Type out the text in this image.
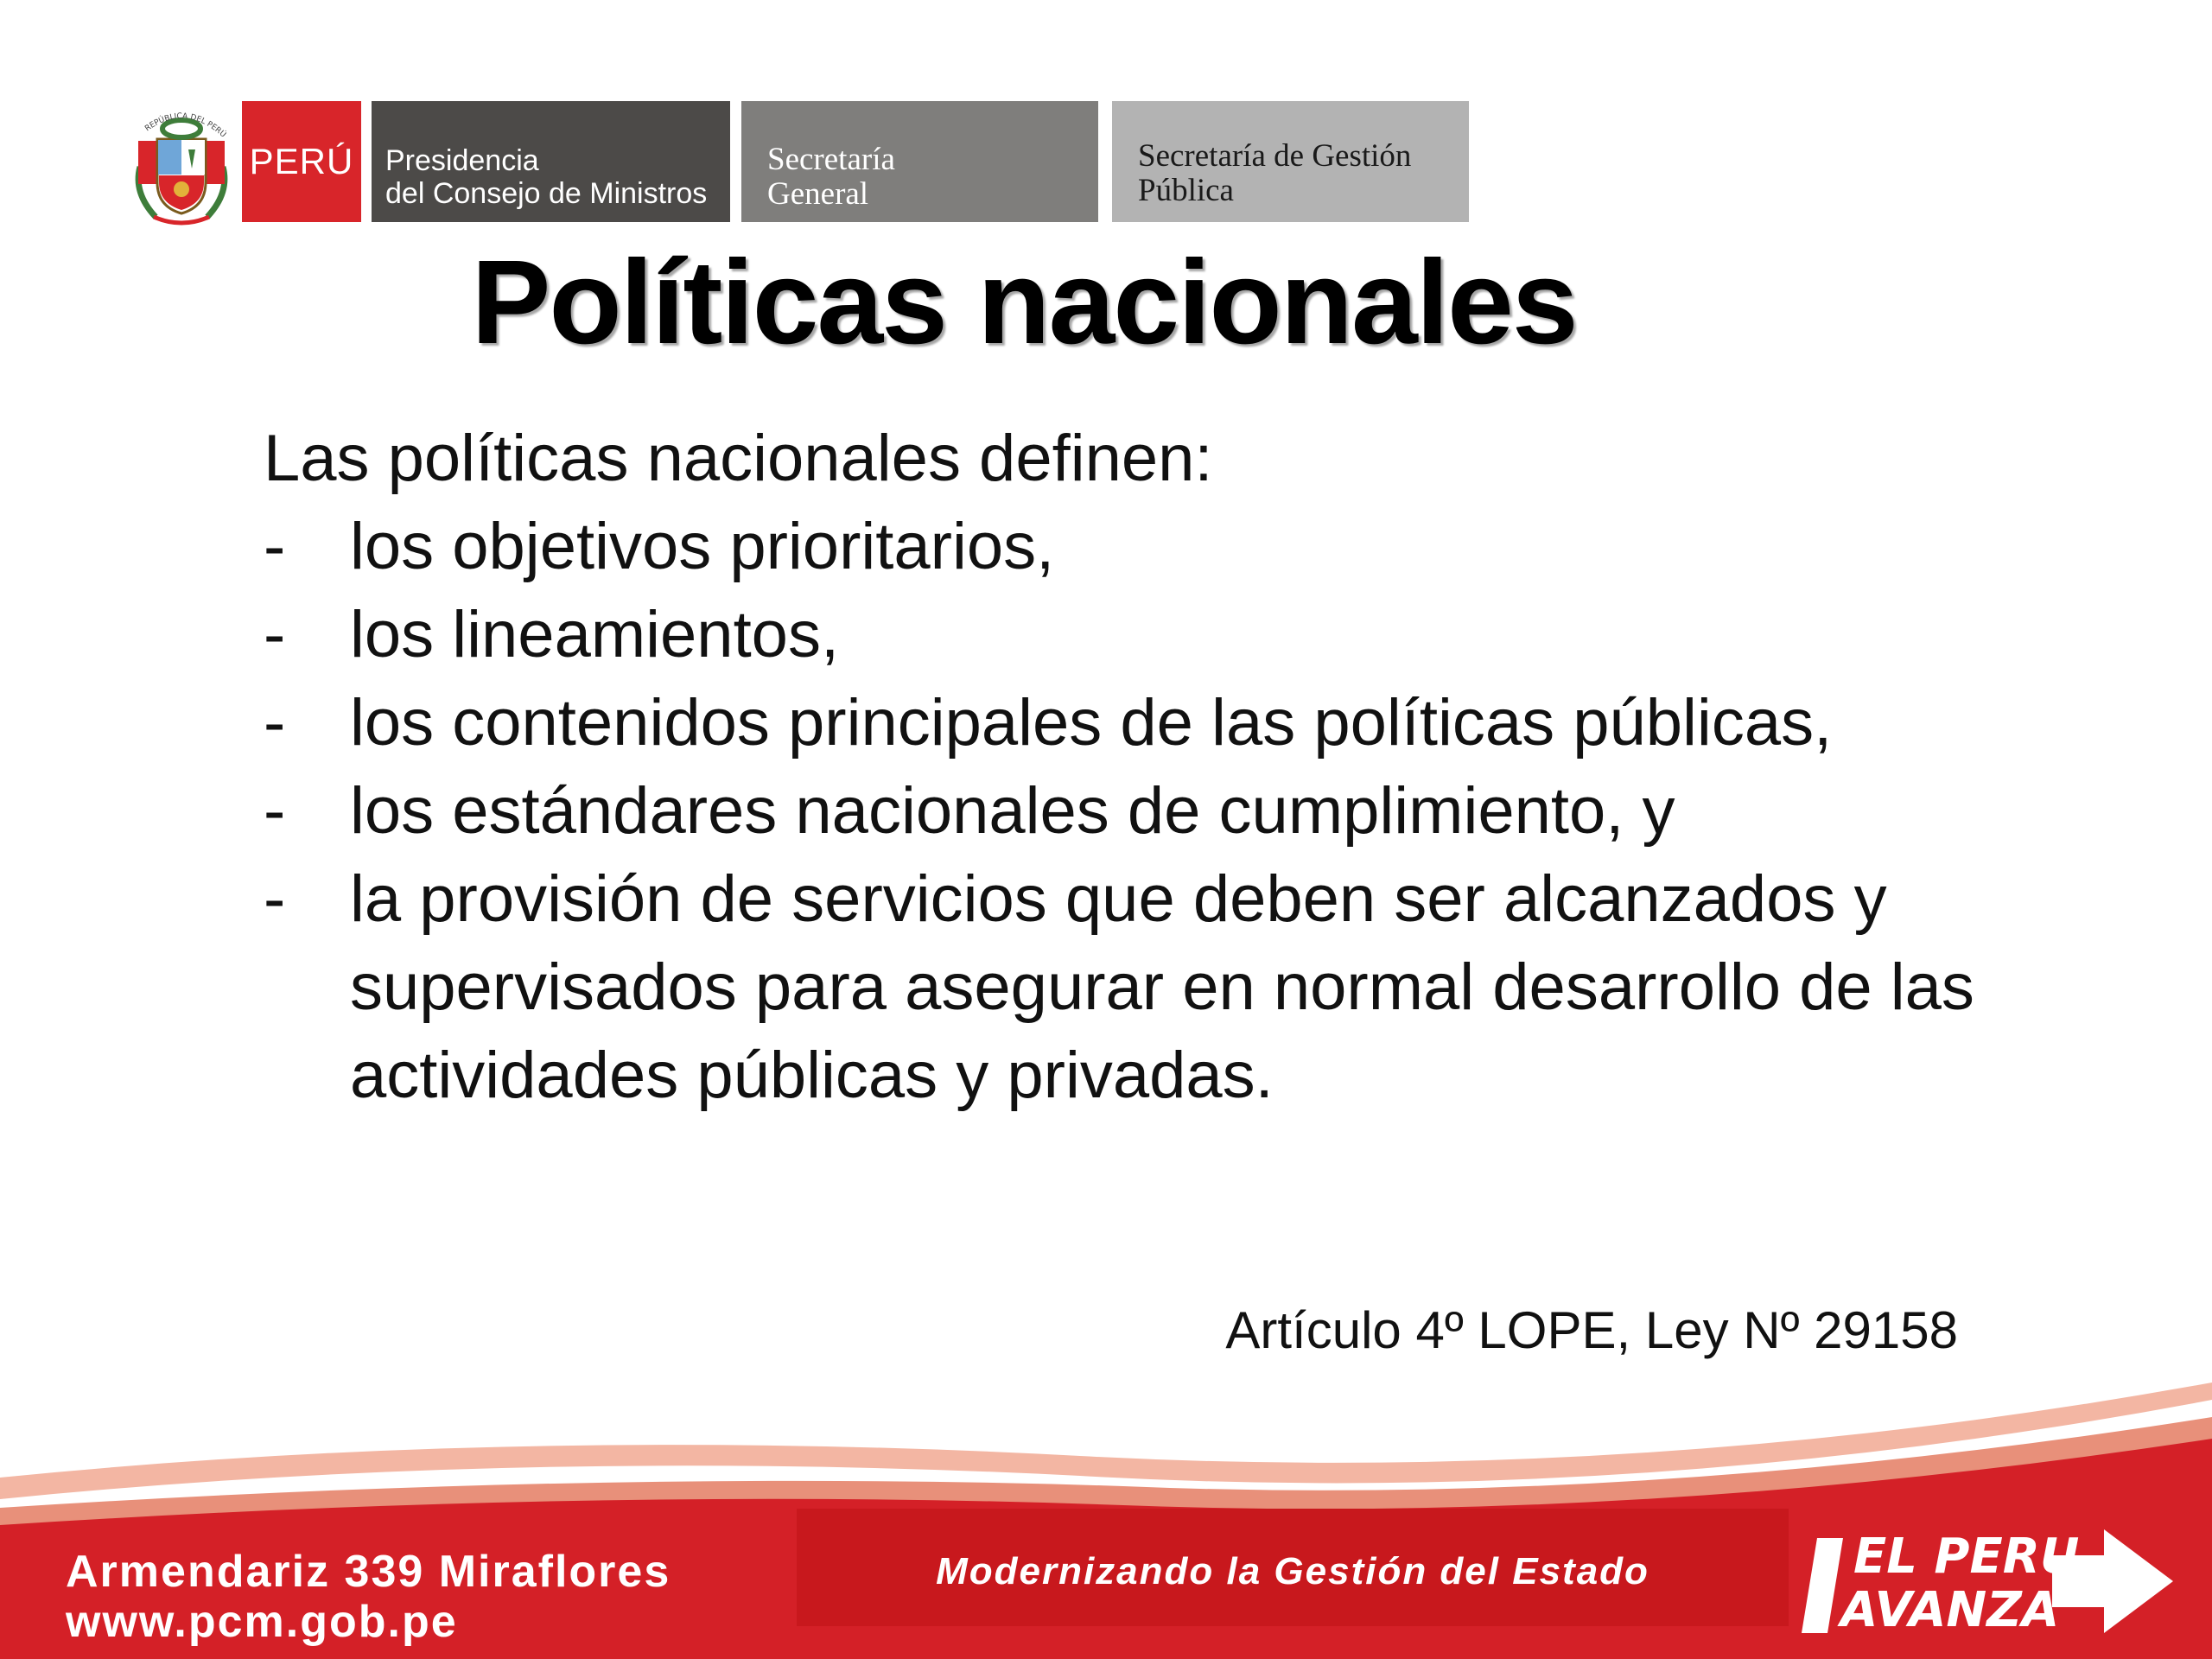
REPÚBLICA DEL PERÚ
PERÚ Presidencia
del Consejo de Ministros
Secretaría
General
Secretaría de Gestión
Pública
Políticas nacionales
Las políticas nacionales definen:
- los objetivos prioritarios,
- los lineamientos,
- los contenidos principales de las políticas públicas,
- los estándares nacionales de cumplimiento, y
- la provisión de servicios que deben ser alcanzados y supervisados para asegurar en normal desarrollo de las actividades públicas y privadas.
Artículo 4º LOPE, Ley Nº 29158
Armendariz 339 Miraflores
www.pcm.gob.pe
Modernizando la Gestión del Estado	EL PERU
AVANZA
